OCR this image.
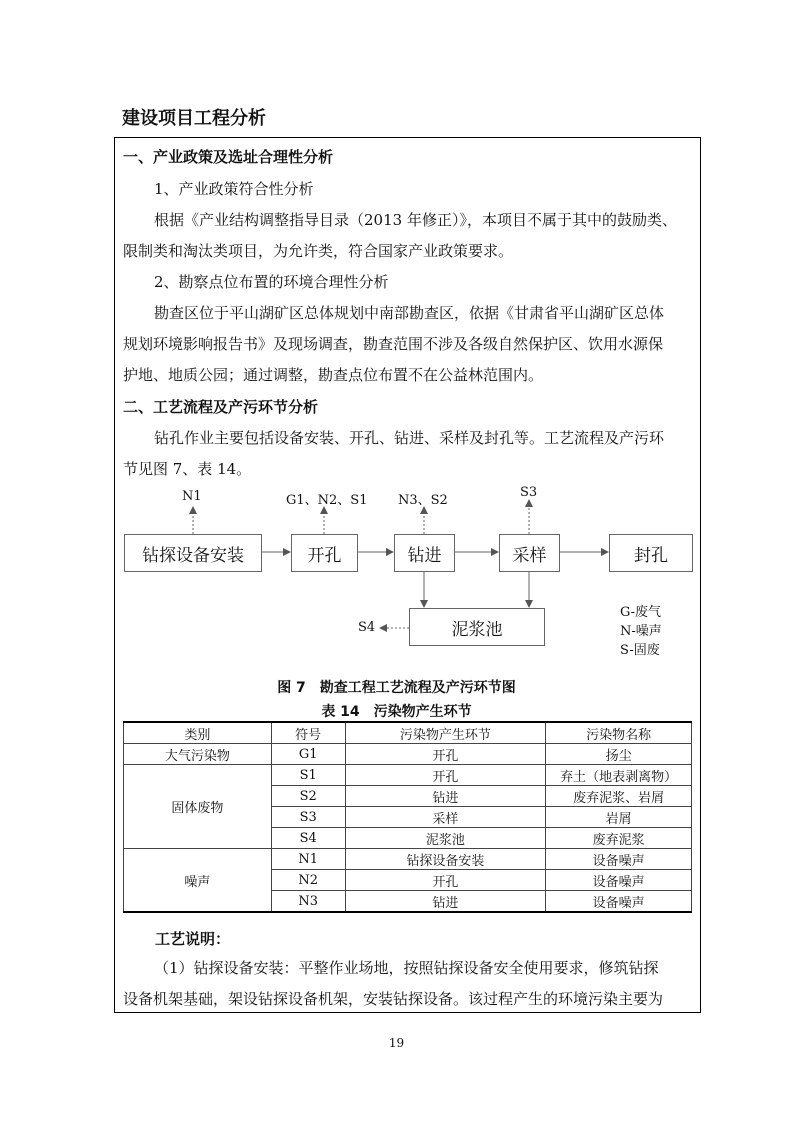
建设项目工程分析
一、产业政策及选址合理性分析
1、产业政策符合性分析
根据《产业结构调整指导目录（2013 年修正）》，本项目不属于其中的鼓励类、
限制类和淘汰类项目，为允许类，符合国家产业政策要求。
2、勘察点位布置的环境合理性分析
勘查区位于平山湖矿区总体规划中南部勘查区，依据《甘肃省平山湖矿区总体
规划环境影响报告书》及现场调查，勘查范围不涉及各级自然保护区、饮用水源保
护地、地质公园；通过调整，勘查点位布置不在公益林范围内。
二、工艺流程及产污环节分析
钻孔作业主要包括设备安装、开孔、钻进、采样及封孔等。工艺流程及产污环
节见图 7、表 14。
钻探设备安装	开孔	钻进	采样	封孔
泥浆池
N1	G1、N2、S1 N3、S2
S3
S4
G-废气
N-噪声
S-固废
图 7　勘查工程工艺流程及产污环节图
表 14　污染物产生环节
类别	符号	污染物产生环节	污染物名称
大气污染物	G1	开孔	扬尘
固体废物	S1	开孔	弃土（地表剥离物）
	S2	钻进	废弃泥浆、岩屑
	S3	采样	岩屑
	S4	泥浆池	废弃泥浆
噪声	N1	钻探设备安装	设备噪声
	N2	开孔	设备噪声
	N3	钻进	设备噪声
工艺说明：
（1）钻探设备安装：平整作业场地，按照钻探设备安全使用要求，修筑钻探
设备机架基础，架设钻探设备机架，安装钻探设备。该过程产生的环境污染主要为
19
